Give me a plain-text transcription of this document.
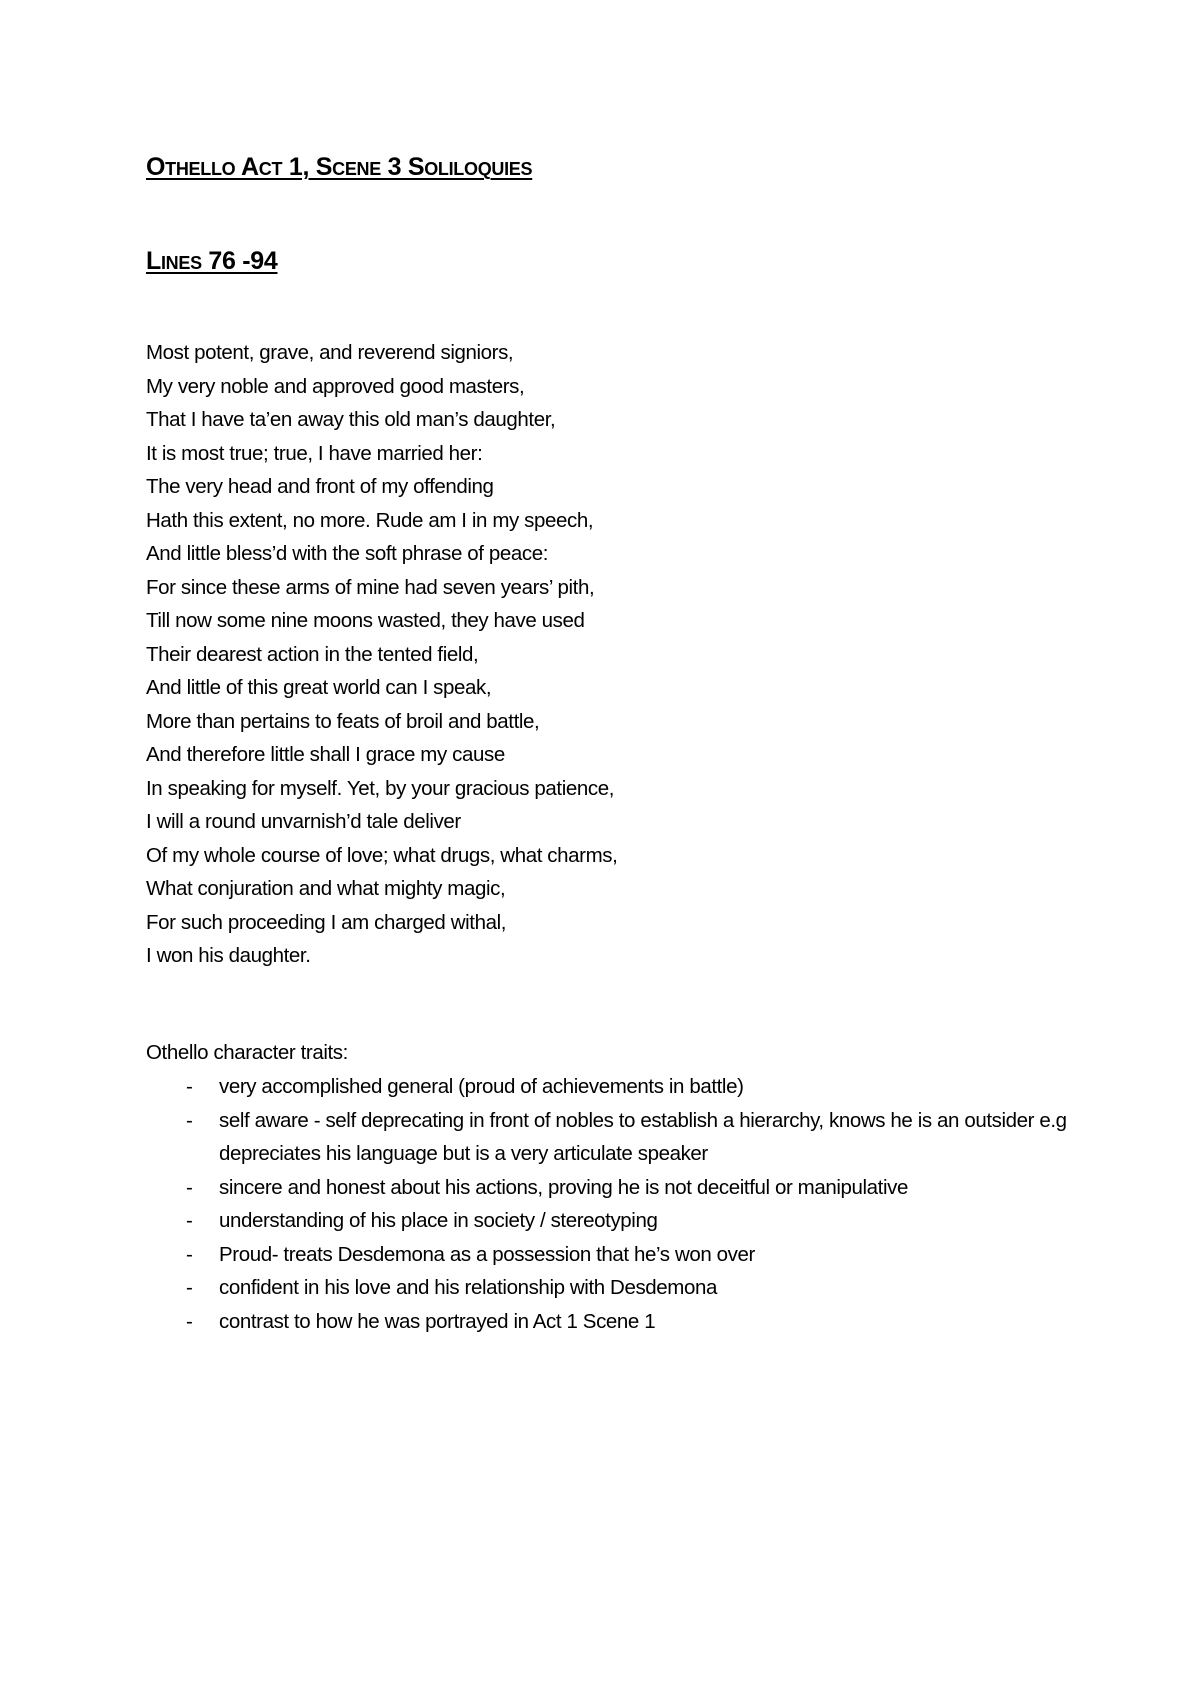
Othello Act 1, Scene 3 Soliloquies
Lines 76 -94
Most potent, grave, and reverend signiors,
My very noble and approved good masters,
That I have ta’en away this old man’s daughter,
It is most true; true, I have married her:
The very head and front of my offending
Hath this extent, no more. Rude am I in my speech,
And little bless’d with the soft phrase of peace:
For since these arms of mine had seven years’ pith,
Till now some nine moons wasted, they have used
Their dearest action in the tented field,
And little of this great world can I speak,
More than pertains to feats of broil and battle,
And therefore little shall I grace my cause
In speaking for myself. Yet, by your gracious patience,
I will a round unvarnish’d tale deliver
Of my whole course of love; what drugs, what charms,
What conjuration and what mighty magic,
For such proceeding I am charged withal,
I won his daughter.

Othello character traits:

- very accomplished general (proud of achievements in battle)
- self aware - self deprecating in front of nobles to establish a hierarchy, knows he is an outsider e.g depreciates his language but is a very articulate speaker
- sincere and honest about his actions, proving he is not deceitful or manipulative
- understanding of his place in society / stereotyping
- Proud- treats Desdemona as a possession that he’s won over
- confident in his love and his relationship with Desdemona
- contrast to how he was portrayed in Act 1 Scene 1
